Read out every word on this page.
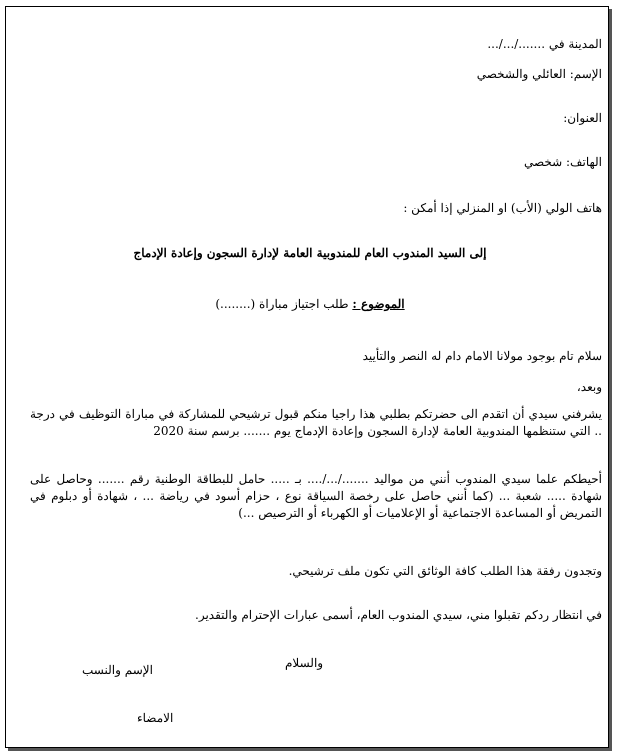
المدينة في ......./.../...
الإسم: العائلي والشخصي
العنوان:
الهاتف: شخصي
هاتف الولي (الأب) او المنزلي إذا أمكن :
إلى السيد المندوب العام للمندوبية العامة لإدارة السجون وإعادة الإدماج
الموضوع : طلب اجتياز مباراة (........)
سلام تام بوجود مولانا الامام دام له النصر والتأييد
وبعد،
يشرفني سيدي أن اتقدم الى حضرتكم بطلبي هذا راجيا منكم قبول ترشيحي للمشاركة في مباراة التوظيف في درجة .. التي ستنظمها المندوبية العامة لإدارة السجون وإعادة الإدماج يوم ....... برسم سنة 2020
أحيطكم علما سيدي المندوب أنني من مواليد ......./.../.... بـ ..... حامل للبطاقة الوطنية رقم ....... وحاصل على شهادة ..... شعبة ... (كما أنني حاصل على رخصة السياقة نوع ، حزام أسود في رياضة ... ، شهادة أو دبلوم في التمريض أو المساعدة الاجتماعية أو الإعلاميات أو الكهرباء أو الترصيص ...)
وتجدون رفقة هذا الطلب كافة الوثائق التي تكون ملف ترشيحي.
في انتظار ردكم تقبلوا مني، سيدي المندوب العام، أسمى عبارات الإحترام والتقدير.
والسلام
الإسم والنسب
الامضاء
